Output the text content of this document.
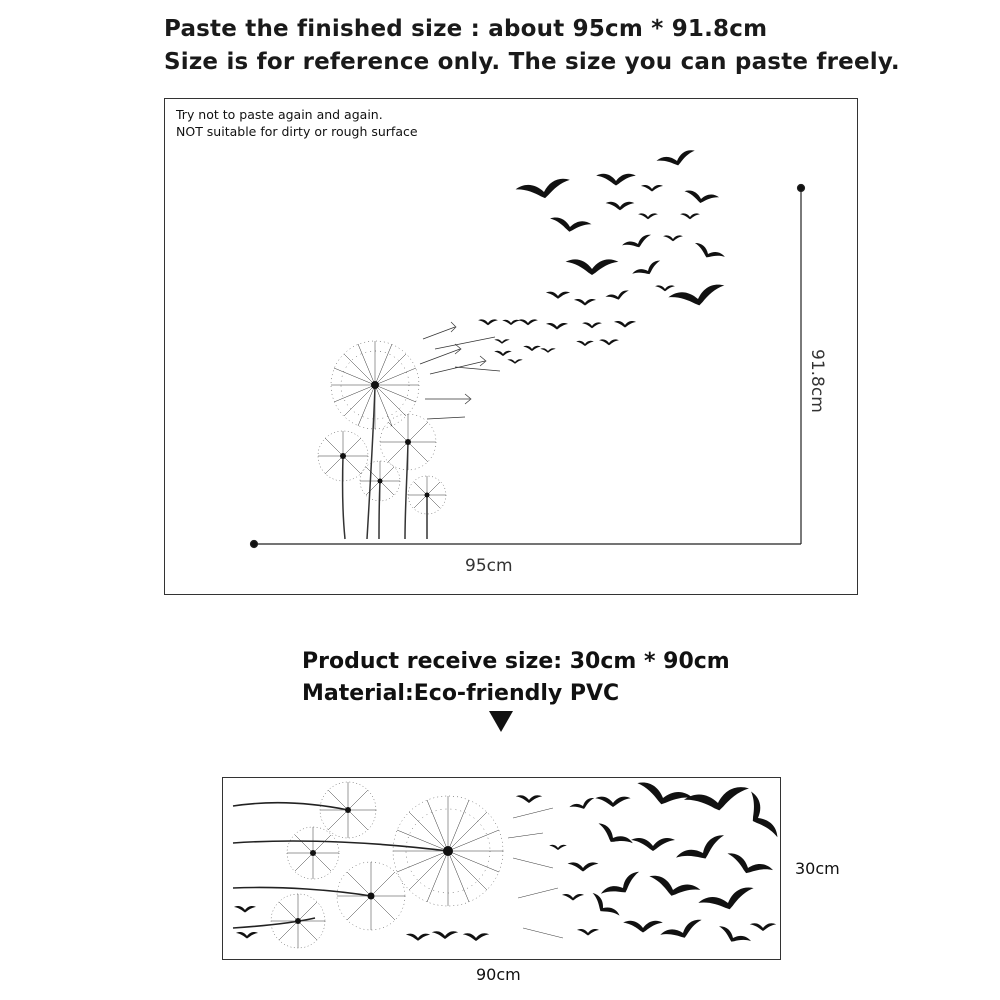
Paste the finished size : about 95cm * 91.8cm
Size is for reference only. The size you can paste freely.
Try not to paste again and again.
NOT suitable for dirty or rough surface
95cm
91.8cm
Product receive size: 30cm * 90cm
Material:Eco-friendly PVC
30cm
90cm
